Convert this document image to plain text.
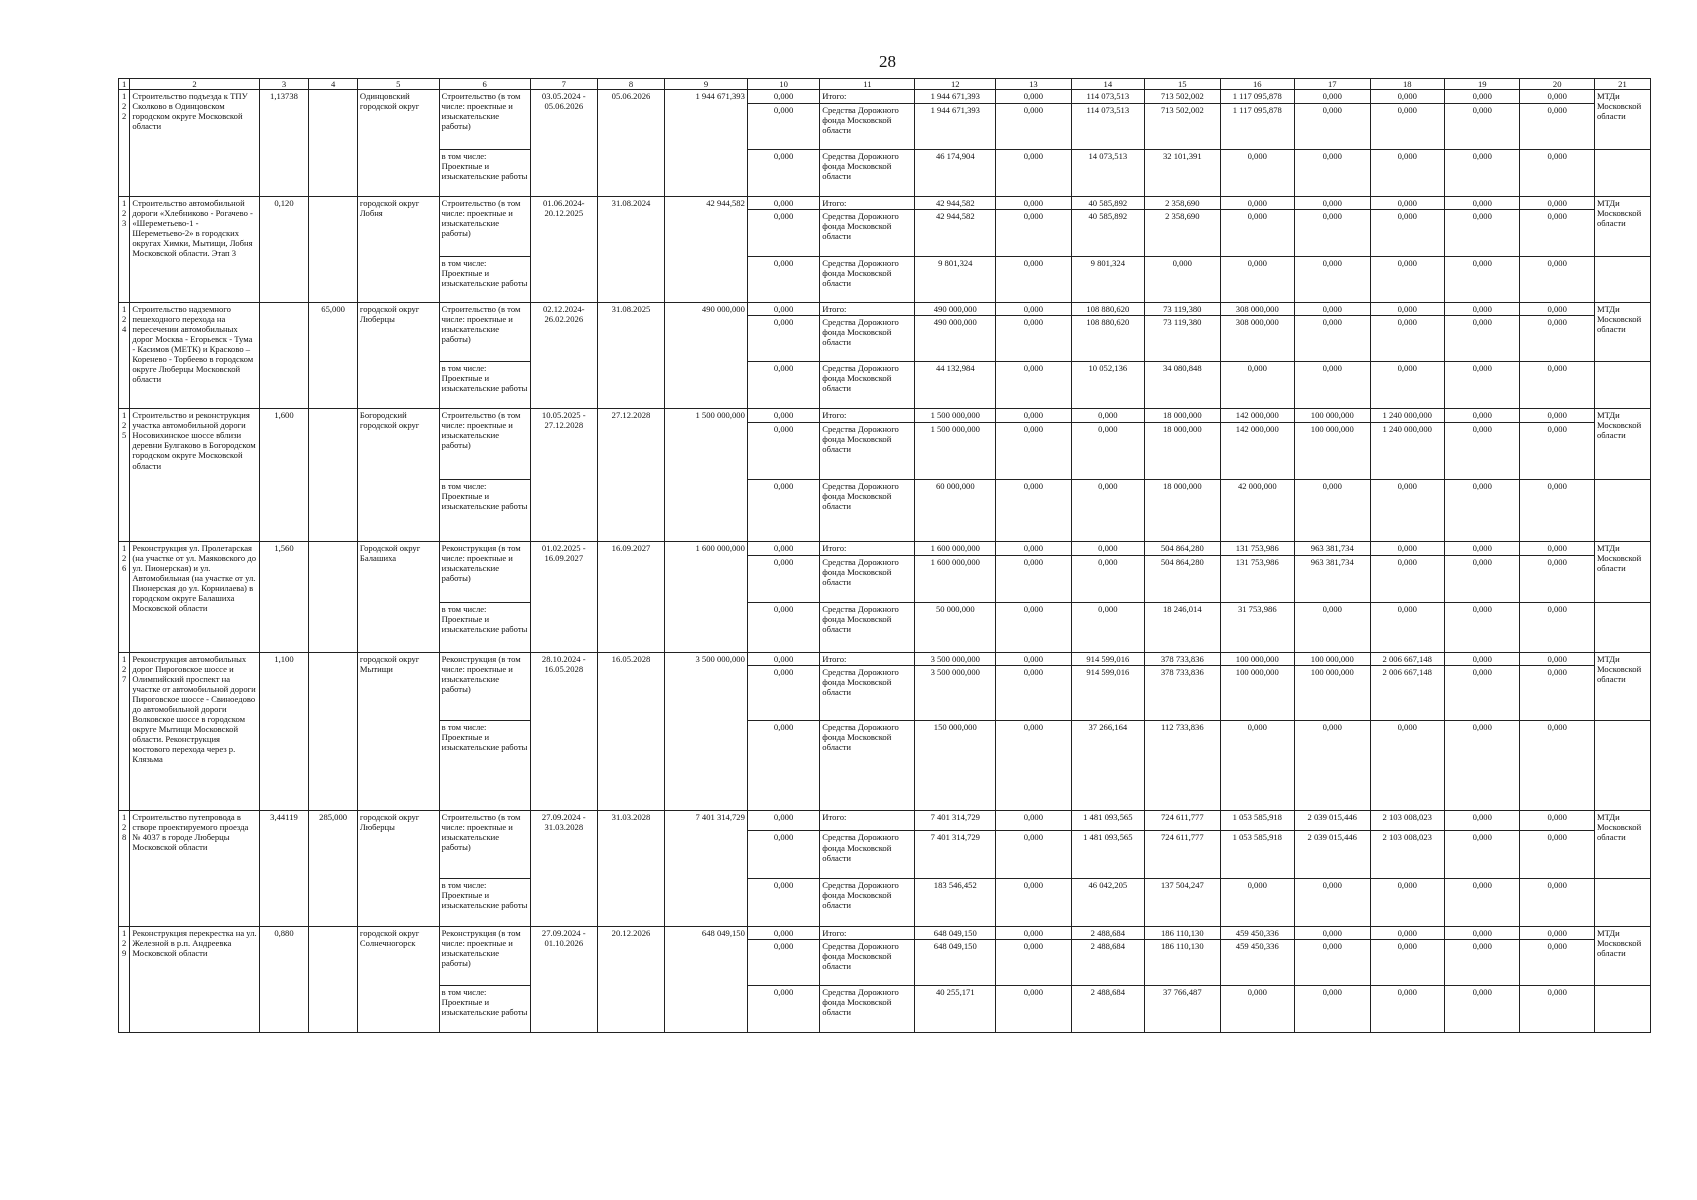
28
1	2	3	4	5	6	7	8	9	10	11	12	13	14	15	16	17	18	19	20	21
122	Строительство подъезда к ТПУ Сколково в Одинцовском городском округе Московской области	1,13738		Одинцовский городской округ	Строительство (в том числе: проектные и изыскательские работы)	03.05.2024 - 05.06.2026	05.06.2026	1 944 671,393	0,000	Итого:	1 944 671,393	0,000	114 073,513	713 502,002	1 117 095,878	0,000	0,000	0,000	0,000	МТДи Московской области
									0,000	Средства Дорожного фонда Московской области	1 944 671,393	0,000	114 073,513	713 502,002	1 117 095,878	0,000	0,000	0,000	0,000	
					в том числе: Проектные и изыскательские работы				0,000	Средства Дорожного фонда Московской области	46 174,904	0,000	14 073,513	32 101,391	0,000	0,000	0,000	0,000	0,000	
123	Строительство автомобильной дороги «Хлебниково - Рогачево - «Шереметьево-1 - Шереметьево-2» в городских округах Химки, Мытищи, Лобня Московской области. Этап 3	0,120		городской округ Лобня	Строительство (в том числе: проектные и изыскательские работы)	01.06.2024- 20.12.2025	31.08.2024	42 944,582	0,000	Итого:	42 944,582	0,000	40 585,892	2 358,690	0,000	0,000	0,000	0,000	0,000	МТДи Московской области
									0,000	Средства Дорожного фонда Московской области	42 944,582	0,000	40 585,892	2 358,690	0,000	0,000	0,000	0,000	0,000	
					в том числе: Проектные и изыскательские работы				0,000	Средства Дорожного фонда Московской области	9 801,324	0,000	9 801,324	0,000	0,000	0,000	0,000	0,000	0,000	
124	Строительство надземного пешеходного перехода на пересечении автомобильных дорог Москва - Егорьевск - Тума - Касимов (МЕТК) и Красково – Коренево - Торбеево в городском округе Люберцы Московской области		65,000	городской округ Люберцы	Строительство (в том числе: проектные и изыскательские работы)	02.12.2024- 26.02.2026	31.08.2025	490 000,000	0,000	Итого:	490 000,000	0,000	108 880,620	73 119,380	308 000,000	0,000	0,000	0,000	0,000	МТДи Московской области
									0,000	Средства Дорожного фонда Московской области	490 000,000	0,000	108 880,620	73 119,380	308 000,000	0,000	0,000	0,000	0,000	
					в том числе: Проектные и изыскательские работы				0,000	Средства Дорожного фонда Московской области	44 132,984	0,000	10 052,136	34 080,848	0,000	0,000	0,000	0,000	0,000	
125	Строительство и реконструкция участка автомобильной дороги Носовихинское шоссе вблизи деревни Булгаково в Богородском городском округе Московской области	1,600		Богородский городской округ	Строительство (в том числе: проектные и изыскательские работы)	10.05.2025 - 27.12.2028	27.12.2028	1 500 000,000	0,000	Итого:	1 500 000,000	0,000	0,000	18 000,000	142 000,000	100 000,000	1 240 000,000	0,000	0,000	МТДи Московской области
									0,000	Средства Дорожного фонда Московской области	1 500 000,000	0,000	0,000	18 000,000	142 000,000	100 000,000	1 240 000,000	0,000	0,000	
					в том числе: Проектные и изыскательские работы				0,000	Средства Дорожного фонда Московской области	60 000,000	0,000	0,000	18 000,000	42 000,000	0,000	0,000	0,000	0,000	
126	Реконструкция ул. Пролетарская (на участке от ул. Маяковского до ул. Пионерская) и ул. Автомобильная (на участке от ул. Пионерская до ул. Корнилаева) в городском округе Балашиха Московской области	1,560		Городской округ Балашиха	Реконструкция (в том числе: проектные и изыскательские работы)	01.02.2025 - 16.09.2027	16.09.2027	1 600 000,000	0,000	Итого:	1 600 000,000	0,000	0,000	504 864,280	131 753,986	963 381,734	0,000	0,000	0,000	МТДи Московской области
									0,000	Средства Дорожного фонда Московской области	1 600 000,000	0,000	0,000	504 864,280	131 753,986	963 381,734	0,000	0,000	0,000	
					в том числе: Проектные и изыскательские работы				0,000	Средства Дорожного фонда Московской области	50 000,000	0,000	0,000	18 246,014	31 753,986	0,000	0,000	0,000	0,000	
127	Реконструкция автомобильных дорог Пироговское шоссе и Олимпийский проспект на участке от автомобильной дороги Пироговское шоссе - Свиноедово до автомобильной дороги Волковское шоссе в городском округе Мытищи Московской области. Реконструкция мостового перехода через р. Клязьма	1,100		городской округ Мытищи	Реконструкция (в том числе: проектные и изыскательские работы)	28.10.2024 - 16.05.2028	16.05.2028	3 500 000,000	0,000	Итого:	3 500 000,000	0,000	914 599,016	378 733,836	100 000,000	100 000,000	2 006 667,148	0,000	0,000	МТДи Московской области
									0,000	Средства Дорожного фонда Московской области	3 500 000,000	0,000	914 599,016	378 733,836	100 000,000	100 000,000	2 006 667,148	0,000	0,000	
					в том числе: Проектные и изыскательские работы				0,000	Средства Дорожного фонда Московской области	150 000,000	0,000	37 266,164	112 733,836	0,000	0,000	0,000	0,000	0,000	
128	Строительство путепровода в створе проектируемого проезда № 4037 в городе Люберцы Московской области	3,44119	285,000	городской округ Люберцы	Строительство (в том числе: проектные и изыскательские работы)	27.09.2024 - 31.03.2028	31.03.2028	7 401 314,729	0,000	Итого:	7 401 314,729	0,000	1 481 093,565	724 611,777	1 053 585,918	2 039 015,446	2 103 008,023	0,000	0,000	МТДи Московской области
									0,000	Средства Дорожного фонда Московской области	7 401 314,729	0,000	1 481 093,565	724 611,777	1 053 585,918	2 039 015,446	2 103 008,023	0,000	0,000	
					в том числе: Проектные и изыскательские работы				0,000	Средства Дорожного фонда Московской области	183 546,452	0,000	46 042,205	137 504,247	0,000	0,000	0,000	0,000	0,000	
129	Реконструкция перекрестка на ул. Железной в р.п. Андреевка Московской области	0,880		городской округ Солнечногорск	Реконструкция (в том числе: проектные и изыскательские работы)	27.09.2024 - 01.10.2026	20.12.2026	648 049,150	0,000	Итого:	648 049,150	0,000	2 488,684	186 110,130	459 450,336	0,000	0,000	0,000	0,000	МТДи Московской области
									0,000	Средства Дорожного фонда Московской области	648 049,150	0,000	2 488,684	186 110,130	459 450,336	0,000	0,000	0,000	0,000	
					в том числе: Проектные и изыскательские работы				0,000	Средства Дорожного фонда Московской области	40 255,171	0,000	2 488,684	37 766,487	0,000	0,000	0,000	0,000	0,000	
